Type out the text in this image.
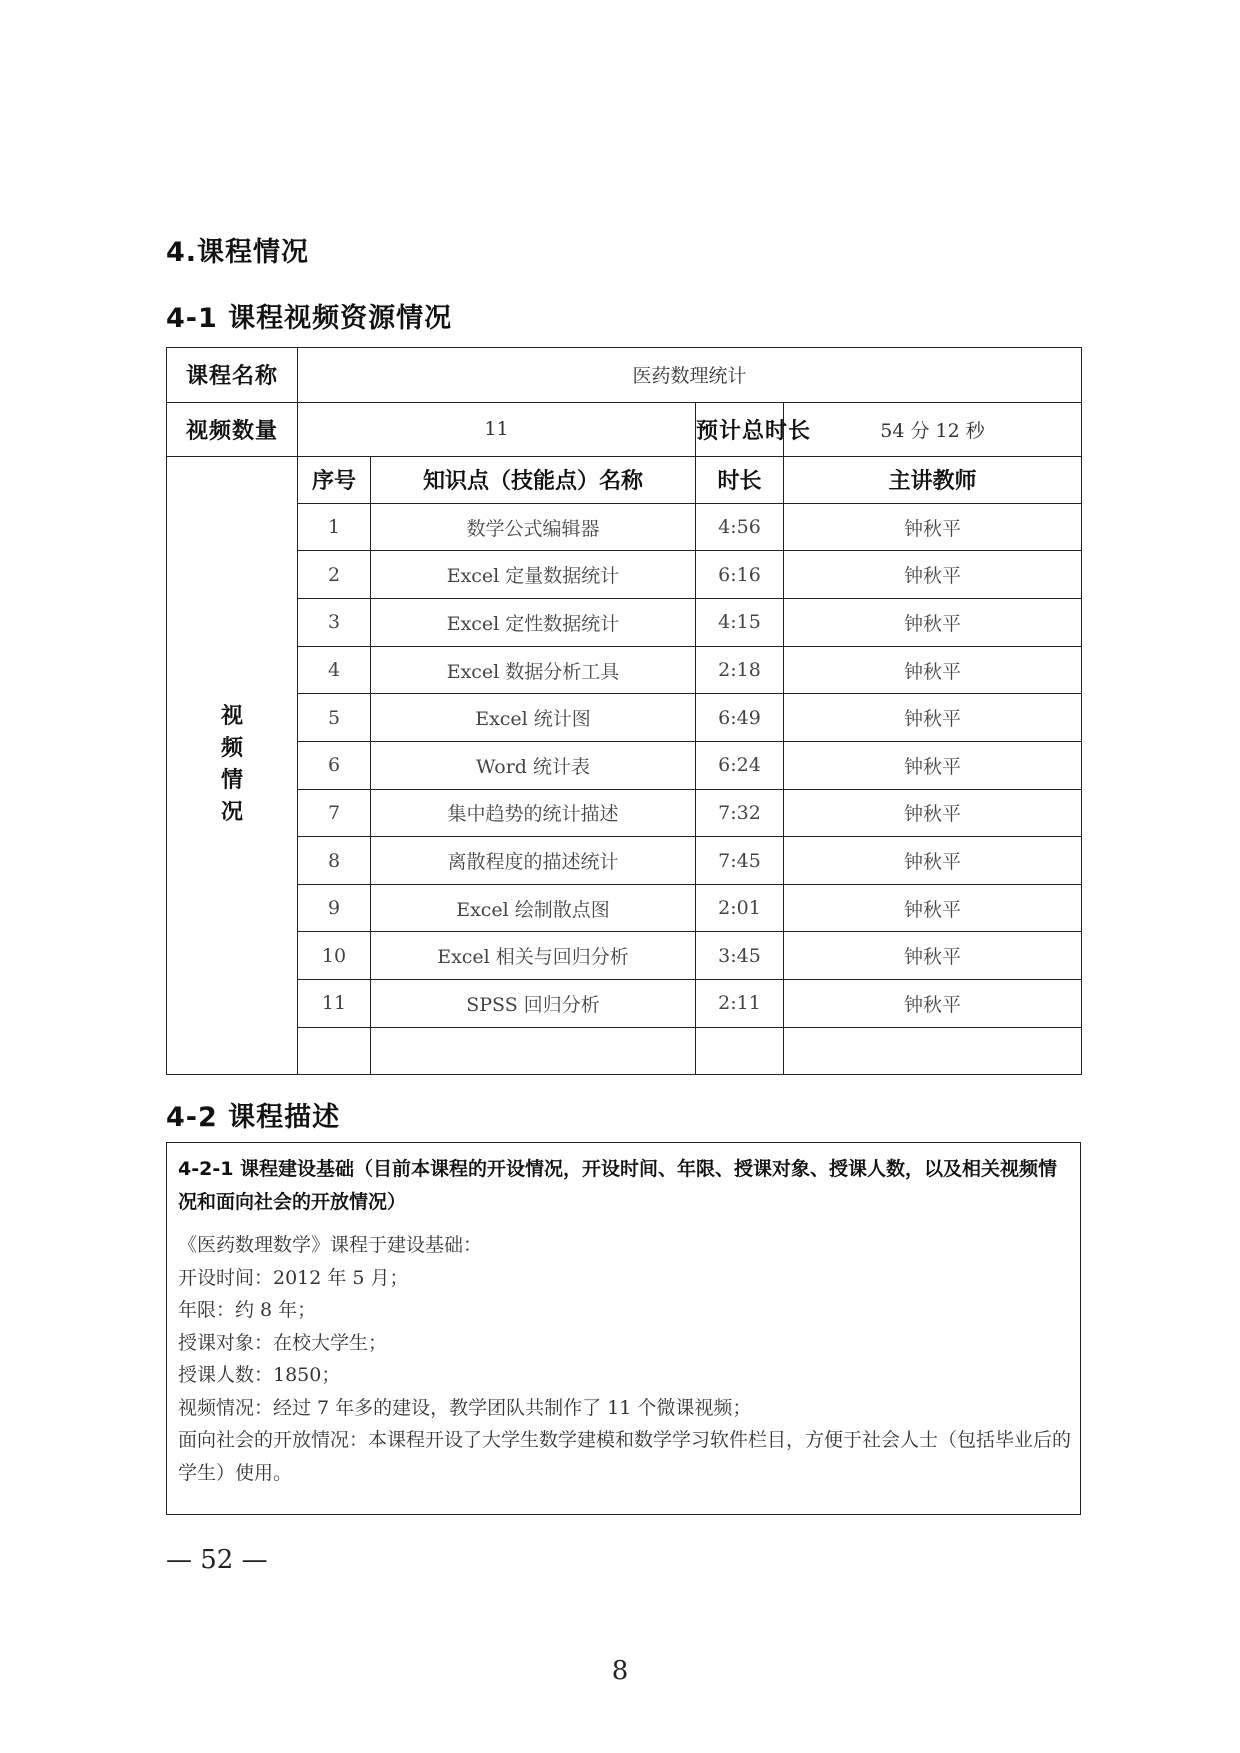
4.课程情况
4-1 课程视频资源情况
课程名称	医药数理统计			
视频数量	11		预计总时长	54 分 12 秒

视
频
情
况	序号	知识点（技能点）名称	时长	主讲教师
	1	数学公式编辑器	4:56	钟秋平
	2	Excel 定量数据统计	6:16	钟秋平
	3	Excel 定性数据统计	4:15	钟秋平
	4	Excel 数据分析工具	2:18	钟秋平
	5	Excel 统计图	6:49	钟秋平
	6	Word 统计表	6:24	钟秋平
	7	集中趋势的统计描述	7:32	钟秋平
	8	离散程度的描述统计	7:45	钟秋平
	9	Excel 绘制散点图	2:01	钟秋平
	10	Excel 相关与回归分析	3:45	钟秋平
	11	SPSS 回归分析	2:11	钟秋平

4-2-1 课程建设基础（目前本课程的开设情况，开设时间、年限、授课对象、授课人数，以及相关视频情况和面向社会的开放情况）
《医药数理数学》课程于建设基础：
开设时间：2012 年 5 月；
年限：约 8 年；
授课对象：在校大学生；
授课人数：1850；
视频情况：经过 7 年多的建设，教学团队共制作了 11 个微课视频；
面向社会的开放情况：本课程开设了大学生数学建模和数学学习软件栏目，方便于社会人士（包括毕业后的学生）使用。
4-2 课程描述
— 52 —
8
